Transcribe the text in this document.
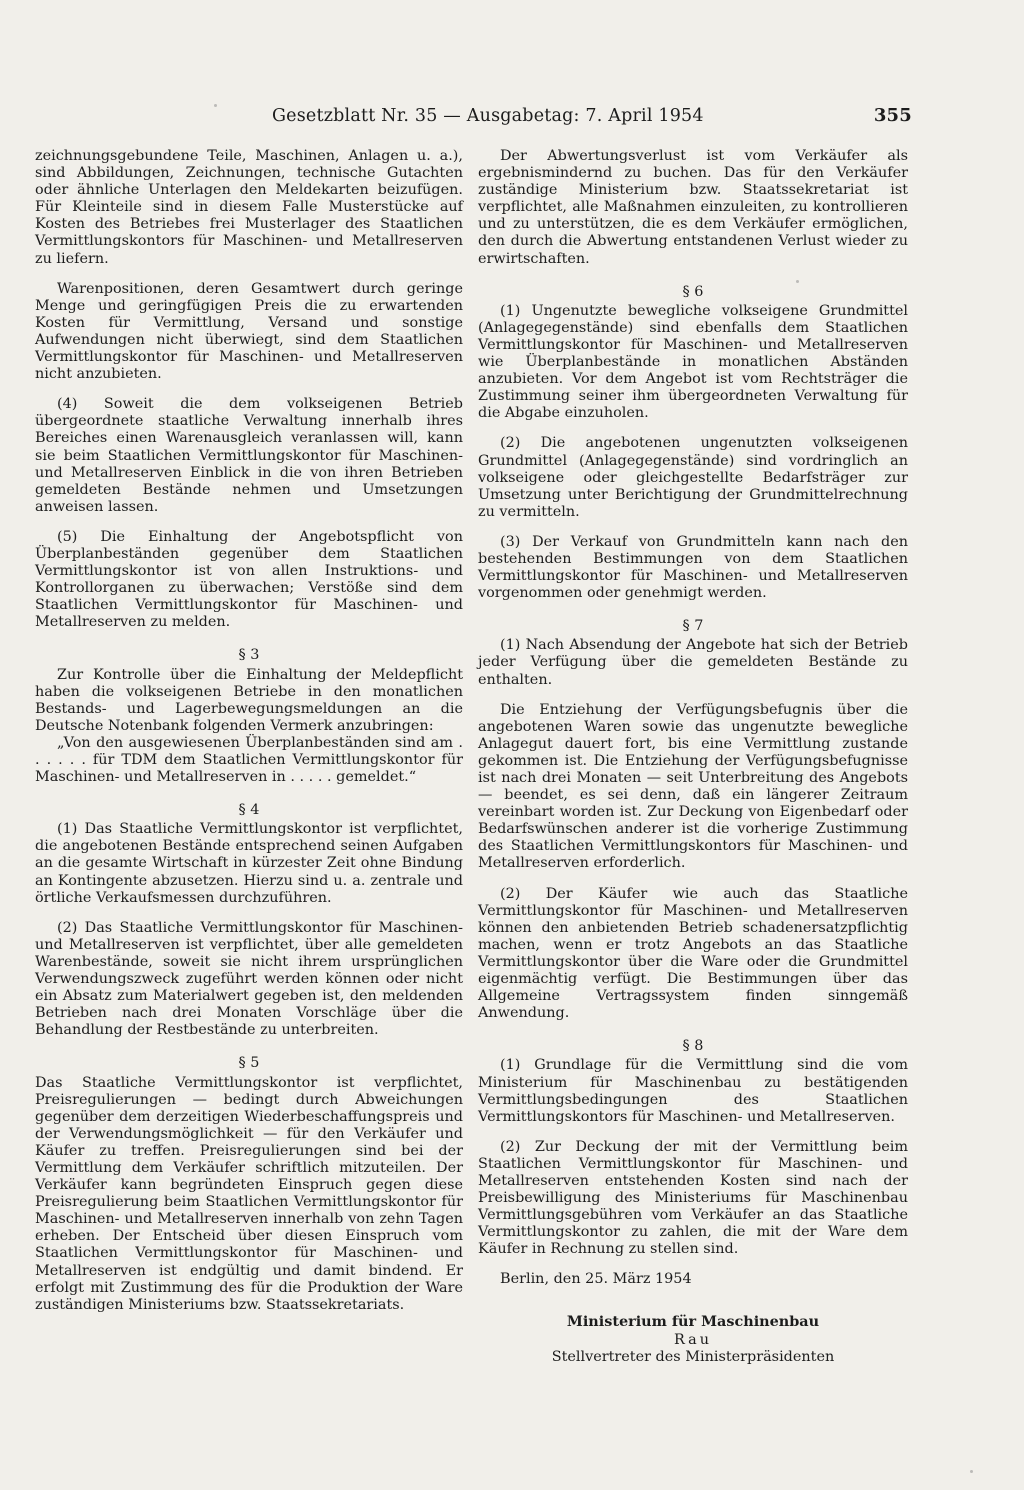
Gesetzblatt Nr. 35 — Ausgabetag: 7. April 1954	355

zeichnungsgebundene Teile, Maschinen, Anlagen u. a.), sind Abbildungen, Zeichnungen, technische Gutachten oder ähnliche Unterlagen den Meldekarten beizufügen. Für Kleinteile sind in diesem Falle Musterstücke auf Kosten des Betriebes frei Musterlager des Staatlichen Vermittlungskontors für Maschinen- und Metallreserven zu liefern.

Warenpositionen, deren Gesamtwert durch geringe Menge und geringfügigen Preis die zu erwartenden Kosten für Vermittlung, Versand und sonstige Aufwendungen nicht überwiegt, sind dem Staatlichen Vermittlungskontor für Maschinen- und Metallreserven nicht anzubieten.

(4) Soweit die dem volkseigenen Betrieb übergeordnete staatliche Verwaltung innerhalb ihres Bereiches einen Warenausgleich veranlassen will, kann sie beim Staatlichen Vermittlungskontor für Maschinen- und Metallreserven Einblick in die von ihren Betrieben gemeldeten Bestände nehmen und Umsetzungen anweisen lassen.

(5) Die Einhaltung der Angebotspflicht von Überplanbeständen gegenüber dem Staatlichen Vermittlungskontor ist von allen Instruktions- und Kontrollorganen zu überwachen; Verstöße sind dem Staatlichen Vermittlungskontor für Maschinen- und Metallreserven zu melden.

§ 3

Zur Kontrolle über die Einhaltung der Meldepflicht haben die volkseigenen Betriebe in den monatlichen Bestands- und Lagerbewegungsmeldungen an die Deutsche Notenbank folgenden Vermerk anzubringen:

„Von den ausgewiesenen Überplanbeständen sind am . . . . . . für TDM dem Staatlichen Vermittlungskontor für Maschinen- und Metallreserven in . . . . . gemeldet.“

§ 4

(1) Das Staatliche Vermittlungskontor ist verpflichtet, die angebotenen Bestände entsprechend seinen Aufgaben an die gesamte Wirtschaft in kürzester Zeit ohne Bindung an Kontingente abzusetzen. Hierzu sind u. a. zentrale und örtliche Verkaufsmessen durchzuführen.

(2) Das Staatliche Vermittlungskontor für Maschinen- und Metallreserven ist verpflichtet, über alle gemeldeten Warenbestände, soweit sie nicht ihrem ursprünglichen Verwendungszweck zugeführt werden können oder nicht ein Absatz zum Materialwert gegeben ist, den meldenden Betrieben nach drei Monaten Vorschläge über die Behandlung der Restbestände zu unterbreiten.

§ 5

Das Staatliche Vermittlungskontor ist verpflichtet, Preisregulierungen — bedingt durch Abweichungen gegenüber dem derzeitigen Wiederbeschaffungspreis und der Verwendungsmöglichkeit — für den Verkäufer und Käufer zu treffen. Preisregulierungen sind bei der Vermittlung dem Verkäufer schriftlich mitzuteilen. Der Verkäufer kann begründeten Einspruch gegen diese Preisregulierung beim Staatlichen Vermittlungskontor für Maschinen- und Metallreserven innerhalb von zehn Tagen erheben. Der Entscheid über diesen Einspruch vom Staatlichen Vermittlungskontor für Maschinen- und Metallreserven ist endgültig und damit bindend. Er erfolgt mit Zustimmung des für die Produktion der Ware zuständigen Ministeriums bzw. Staatssekretariats.

Der Abwertungsverlust ist vom Verkäufer als ergebnismindernd zu buchen. Das für den Verkäufer zuständige Ministerium bzw. Staatssekretariat ist verpflichtet, alle Maßnahmen einzuleiten, zu kontrollieren und zu unterstützen, die es dem Verkäufer ermöglichen, den durch die Abwertung entstandenen Verlust wieder zu erwirtschaften.

§ 6

(1) Ungenutzte bewegliche volkseigene Grundmittel (Anlagegegenstände) sind ebenfalls dem Staatlichen Vermittlungskontor für Maschinen- und Metallreserven wie Überplanbestände in monatlichen Abständen anzubieten. Vor dem Angebot ist vom Rechtsträger die Zustimmung seiner ihm übergeordneten Verwaltung für die Abgabe einzuholen.

(2) Die angebotenen ungenutzten volkseigenen Grundmittel (Anlagegegenstände) sind vordringlich an volkseigene oder gleichgestellte Bedarfsträger zur Umsetzung unter Berichtigung der Grundmittelrechnung zu vermitteln.

(3) Der Verkauf von Grundmitteln kann nach den bestehenden Bestimmungen von dem Staatlichen Vermittlungskontor für Maschinen- und Metallreserven vorgenommen oder genehmigt werden.

§ 7

(1) Nach Absendung der Angebote hat sich der Betrieb jeder Verfügung über die gemeldeten Bestände zu enthalten.

Die Entziehung der Verfügungsbefugnis über die angebotenen Waren sowie das ungenutzte bewegliche Anlagegut dauert fort, bis eine Vermittlung zustande gekommen ist. Die Entziehung der Verfügungsbefugnisse ist nach drei Monaten — seit Unterbreitung des Angebots — beendet, es sei denn, daß ein längerer Zeitraum vereinbart worden ist. Zur Deckung von Eigenbedarf oder Bedarfswünschen anderer ist die vorherige Zustimmung des Staatlichen Vermittlungskontors für Maschinen- und Metallreserven erforderlich.

(2) Der Käufer wie auch das Staatliche Vermittlungskontor für Maschinen- und Metallreserven können den anbietenden Betrieb schadenersatzpflichtig machen, wenn er trotz Angebots an das Staatliche Vermittlungskontor über die Ware oder die Grundmittel eigenmächtig verfügt. Die Bestimmungen über das Allgemeine Vertragssystem finden sinngemäß Anwendung.

§ 8

(1) Grundlage für die Vermittlung sind die vom Ministerium für Maschinenbau zu bestätigenden Vermittlungsbedingungen des Staatlichen Vermittlungskontors für Maschinen- und Metallreserven.

(2) Zur Deckung der mit der Vermittlung beim Staatlichen Vermittlungskontor für Maschinen- und Metallreserven entstehenden Kosten sind nach der Preisbewilligung des Ministeriums für Maschinenbau Vermittlungsgebühren vom Verkäufer an das Staatliche Vermittlungskontor zu zahlen, die mit der Ware dem Käufer in Rechnung zu stellen sind.

Berlin, den 25. März 1954

Ministerium für Maschinenbau
Rau
Stellvertreter des Ministerpräsidenten
